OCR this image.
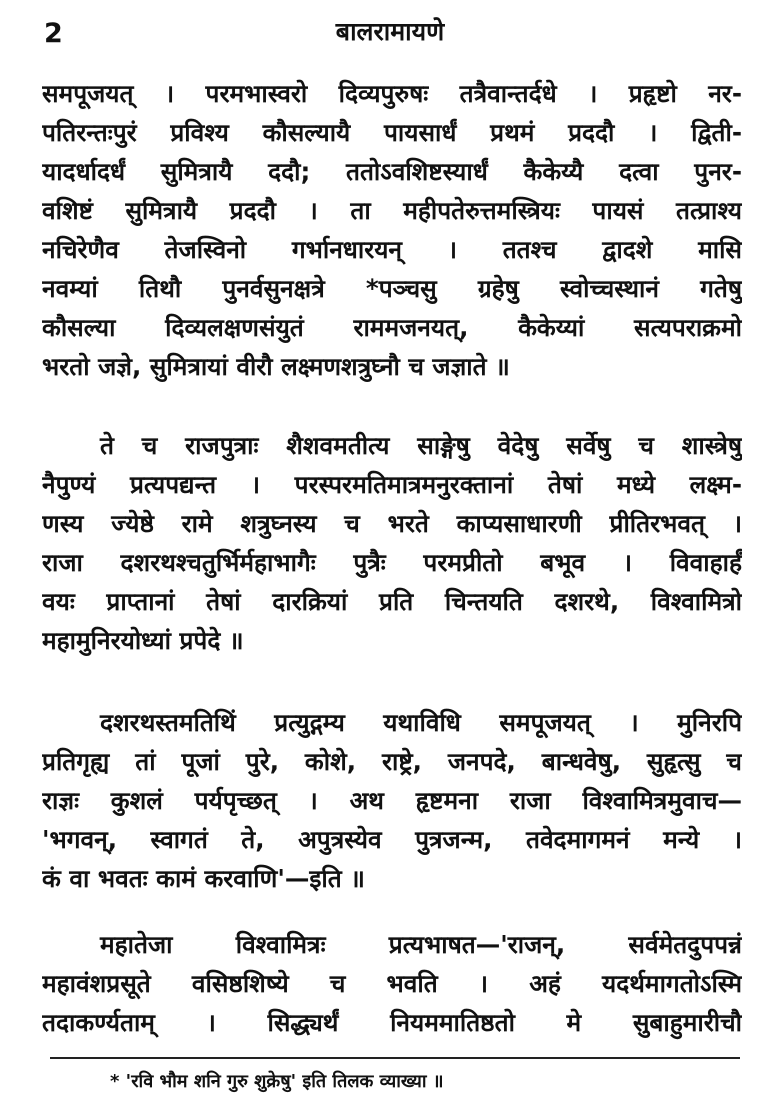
2	बालरामायणे
समपूजयत् । परमभास्वरो दिव्यपुरुषः तत्रैवान्तर्दधे । प्रहृष्टो नर-
पतिरन्तःपुरं प्रविश्य कौसल्यायै पायसार्धं प्रथमं प्रददौ । द्विती-
यादर्धादर्धं सुमित्रायै ददौ; ततोऽवशिष्टस्यार्धं कैकेय्यै दत्वा पुनर-
वशिष्टं सुमित्रायै प्रददौ । ता महीपतेरुत्तमस्त्रियः पायसं तत्प्राश्य
नचिरेणैव तेजस्विनो गर्भानधारयन् । ततश्च द्वादशे मासि
नवम्यां तिथौ पुनर्वसुनक्षत्रे *पञ्चसु ग्रहेषु स्वोच्चस्थानं गतेषु
कौसल्या दिव्यलक्षणसंयुतं राममजनयत्, कैकेय्यां सत्यपराक्रमो
भरतो जज्ञे, सुमित्रायां वीरौ लक्ष्मणशत्रुघ्नौ च जज्ञाते ॥
ते च राजपुत्राः शैशवमतीत्य साङ्गेषु वेदेषु सर्वेषु च शास्त्रेषु
नैपुण्यं प्रत्यपद्यन्त । परस्परमतिमात्रमनुरक्तानां तेषां मध्ये लक्ष्म-
णस्य ज्येष्ठे रामे शत्रुघ्नस्य च भरते काप्यसाधारणी प्रीतिरभवत् ।
राजा दशरथश्चतुर्भिर्महाभागैः पुत्रैः परमप्रीतो बभूव । विवाहार्हं
वयः प्राप्तानां तेषां दारक्रियां प्रति चिन्तयति दशरथे, विश्वामित्रो
महामुनिरयोध्यां प्रपेदे ॥
दशरथस्तमतिथिं प्रत्युद्गम्य यथाविधि समपूजयत् । मुनिरपि
प्रतिगृह्य तां पूजां पुरे, कोशे, राष्ट्रे, जनपदे, बान्धवेषु, सुहृत्सु च
राज्ञः कुशलं पर्यपृच्छत् । अथ हृष्टमना राजा विश्वामित्रमुवाच—
'भगवन्, स्वागतं ते, अपुत्रस्येव पुत्रजन्म, तवेदमागमनं मन्ये ।
कं वा भवतः कामं करवाणि'—इति ॥
महातेजा विश्वामित्रः प्रत्यभाषत—'राजन्, सर्वमेतदुपपन्नं
महावंशप्रसूते वसिष्ठशिष्ये च भवति । अहं यदर्थमागतोऽस्मि
तदाकर्ण्यताम् । सिद्ध्यर्थं नियममातिष्ठतो मे सुबाहुमारीचौ
* 'रवि भौम शनि गुरु शुक्रेषु' इति तिलक व्याख्या ॥
